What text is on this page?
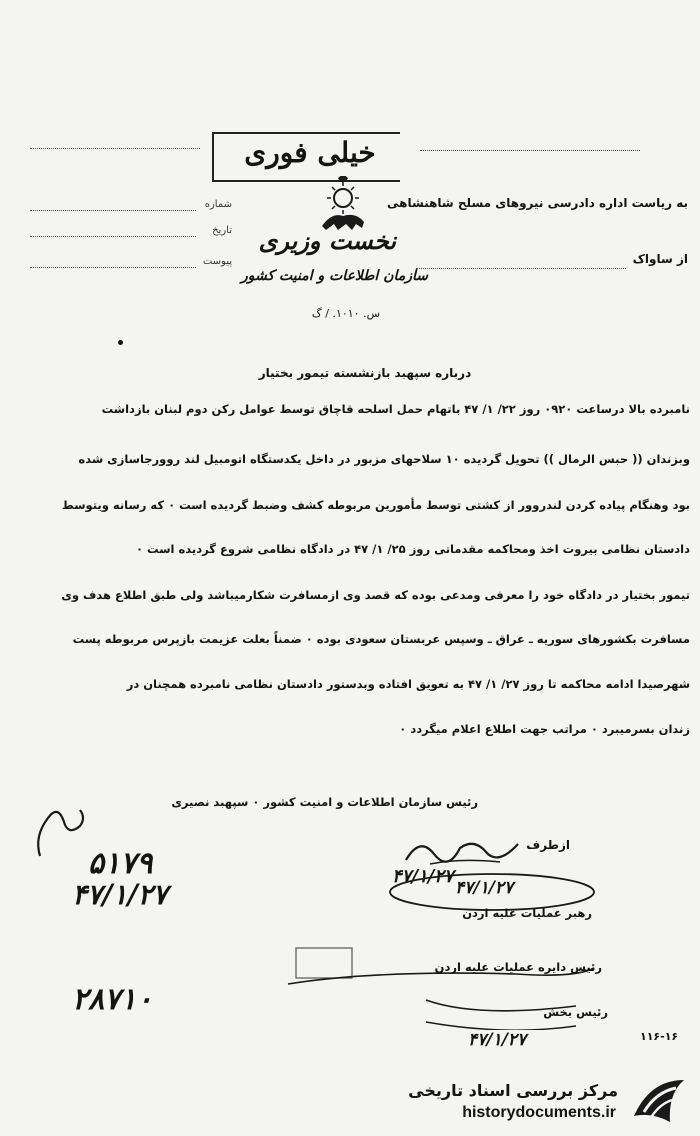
خیلی فوری
به ریاست اداره دادرسی نیروهای مسلح شاهنشاهی
از ساواک
شماره
تاریخ
پیوست
نخست وزیری
سازمان اطلاعات و امنیت کشور
س. ۱۰۱۰. / گ
درباره سپهبد بازنشسته تیمور بختیار
نامبرده بالا درساعت ۰۹۲۰ روز ۲۲/ ۱/ ۴۷ باتهام حمل اسلحه قاچاق توسط عوامل رکن دوم لبنان بازداشت
وبزندان (( حبس الرمال )) تحویل گردیده ۱۰ سلاحهای مزبور در داخل یکدستگاه اتومبیل لند روورجاسازی شده
بود وهنگام پیاده کردن لندروور از کشتی توسط مأمورین مربوطه کشف وضبط گردیده است ۰ که رسانه ویتوسط
دادستان نظامی بیروت اخذ ومحاکمه مقدماتی روز ۲۵/ ۱/ ۴۷ در دادگاه نظامی شروع گردیده است ۰
تیمور بختیار در دادگاه خود را معرفی ومدعی بوده که قصد وی ازمسافرت شکارمیباشد ولی طبق اطلاع هدف وی
مسافرت بکشورهای سوریه ـ عراق ـ وسپس عربستان سعودی بوده ۰ ضمناً بعلت عزیمت بازپرس مربوطه پست
شهرصیدا ادامه محاکمه تا روز ۲۷/ ۱/ ۴۷ به تعویق افتاده وبدستور دادستان نظامی نامبرده همچنان در
زندان بسرمیبرد ۰ مراتب جهت اطلاع اعلام میگردد ۰
رئیس سازمان اطلاعات و امنیت کشور ۰ سپهبد نصیری
ازطرف
۴۷/۱/۲۷
۴۷/۱/۲۷
رهبر عملیات علیه اردن
رئیس دایره عملیات علیه اردن
رئیس بخش
۴۷/۱/۲۷	۱۱۶-۱۶
۵۱۷۹
۴۷/۱/۲۷
۲۸۷۱۰
مرکز بررسی اسناد تاریخی
historydocuments.ir
